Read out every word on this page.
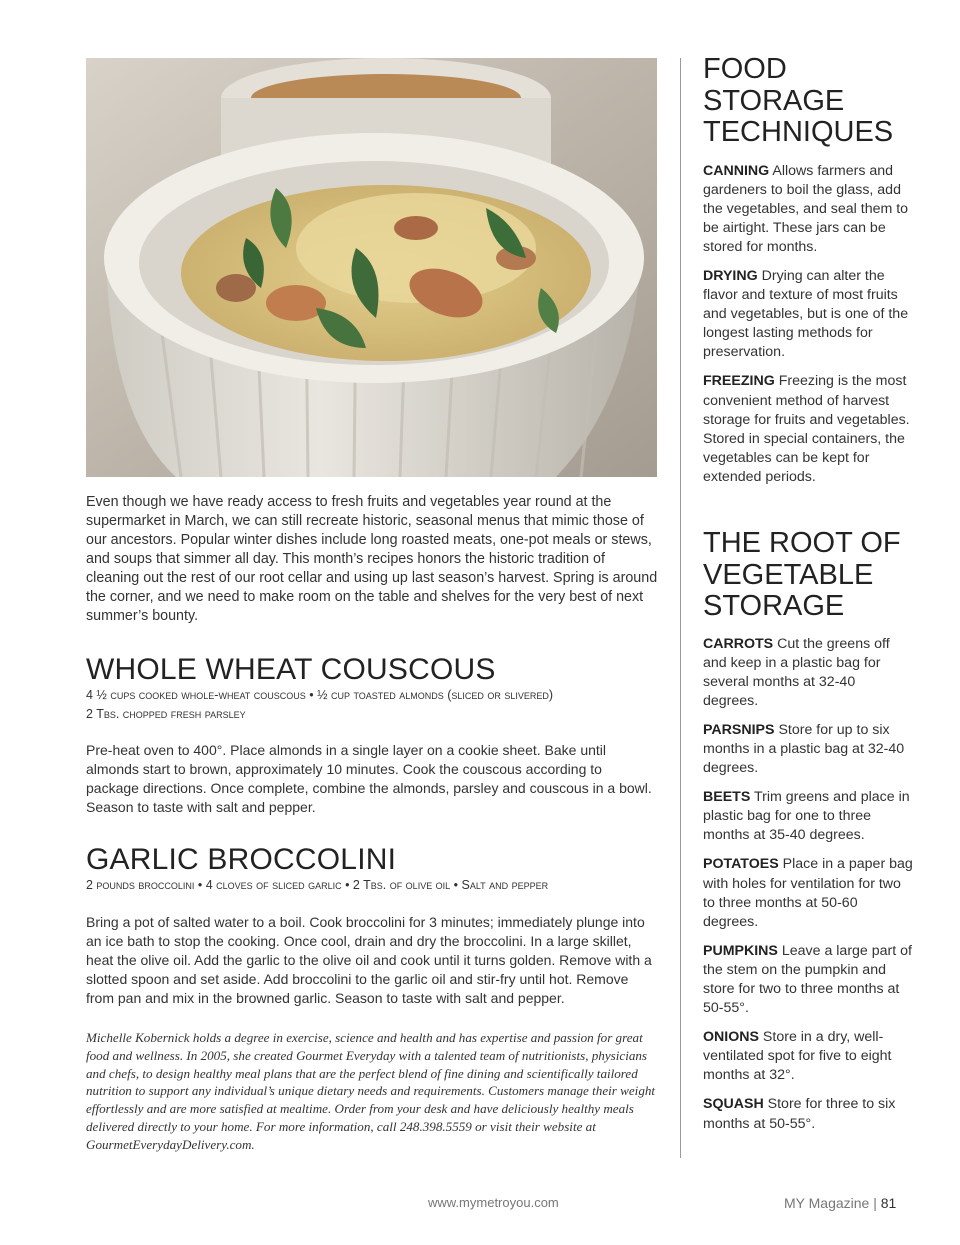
Even though we have ready access to fresh fruits and vegetables year round at the supermarket in March, we can still recreate historic, seasonal menus that mimic those of our ancestors. Popular winter dishes include long roasted meats, one-pot meals or stews, and soups that simmer all day. This month’s recipes honors the historic tradition of cleaning out the rest of our root cellar and using up last season’s harvest. Spring is around the corner, and we need to make room on the table and shelves for the very best of next summer’s bounty.

WHOLE WHEAT COUSCOUS

4 ½ cups cooked whole-wheat couscous • ½ cup toasted almonds (sliced or slivered)

2 Tbs. chopped fresh parsley

Pre-heat oven to 400°. Place almonds in a single layer on a cookie sheet. Bake until almonds start to brown, approximately 10 minutes. Cook the couscous according to package directions. Once complete, combine the almonds, parsley and couscous in a bowl. Season to taste with salt and pepper.

GARLIC BROCCOLINI

2 pounds broccolini • 4 cloves of sliced garlic • 2 Tbs. of olive oil • Salt and pepper

Bring a pot of salted water to a boil. Cook broccolini for 3 minutes; immediately plunge into an ice bath to stop the cooking. Once cool, drain and dry the broccolini. In a large skillet, heat the olive oil. Add the garlic to the olive oil and cook until it turns golden. Remove with a slotted spoon and set aside. Add broccolini to the garlic oil and stir-fry until hot. Remove from pan and mix in the browned garlic. Season to taste with salt and pepper.

Michelle Kobernick holds a degree in exercise, science and health and has expertise and passion for great food and wellness. In 2005, she created Gourmet Everyday with a talented team of nutritionists, physicians and chefs, to design healthy meal plans that are the perfect blend of fine dining and scientifically tailored nutrition to support any individual’s unique dietary needs and requirements. Customers manage their weight effortlessly and are more satisfied at mealtime. Order from your desk and have deliciously healthy meals delivered directly to your home. For more information, call 248.398.5559 or visit their website at GourmetEverydayDelivery.com.

FOOD
STORAGE
TECHNIQUES

CANNING Allows farmers and gardeners to boil the glass, add the vegetables, and seal them to be airtight. These jars can be stored for months.

DRYING Drying can alter the flavor and texture of most fruits and vegetables, but is one of the longest lasting methods for preservation.

FREEZING Freezing is the most convenient method of harvest storage for fruits and vegetables. Stored in special containers, the vegetables can be kept for extended periods.

THE ROOT OF
VEGETABLE
STORAGE

CARROTS Cut the greens off and keep in a plastic bag for several months at 32-40 degrees.

PARSNIPS Store for up to six months in a plastic bag at 32-40 degrees.

BEETS Trim greens and place in plastic bag for one to three months at 35-40 degrees.

POTATOES Place in a paper bag with holes for ventilation for two to three months at 50-60 degrees.

PUMPKINS Leave a large part of the stem on the pumpkin and store for two to three months at 50-55°.

ONIONS Store in a dry, well-ventilated spot for five to eight months at 32°.

SQUASH Store for three to six months at 50-55°.

www.mymetroyou.com	MY Magazine | 81
